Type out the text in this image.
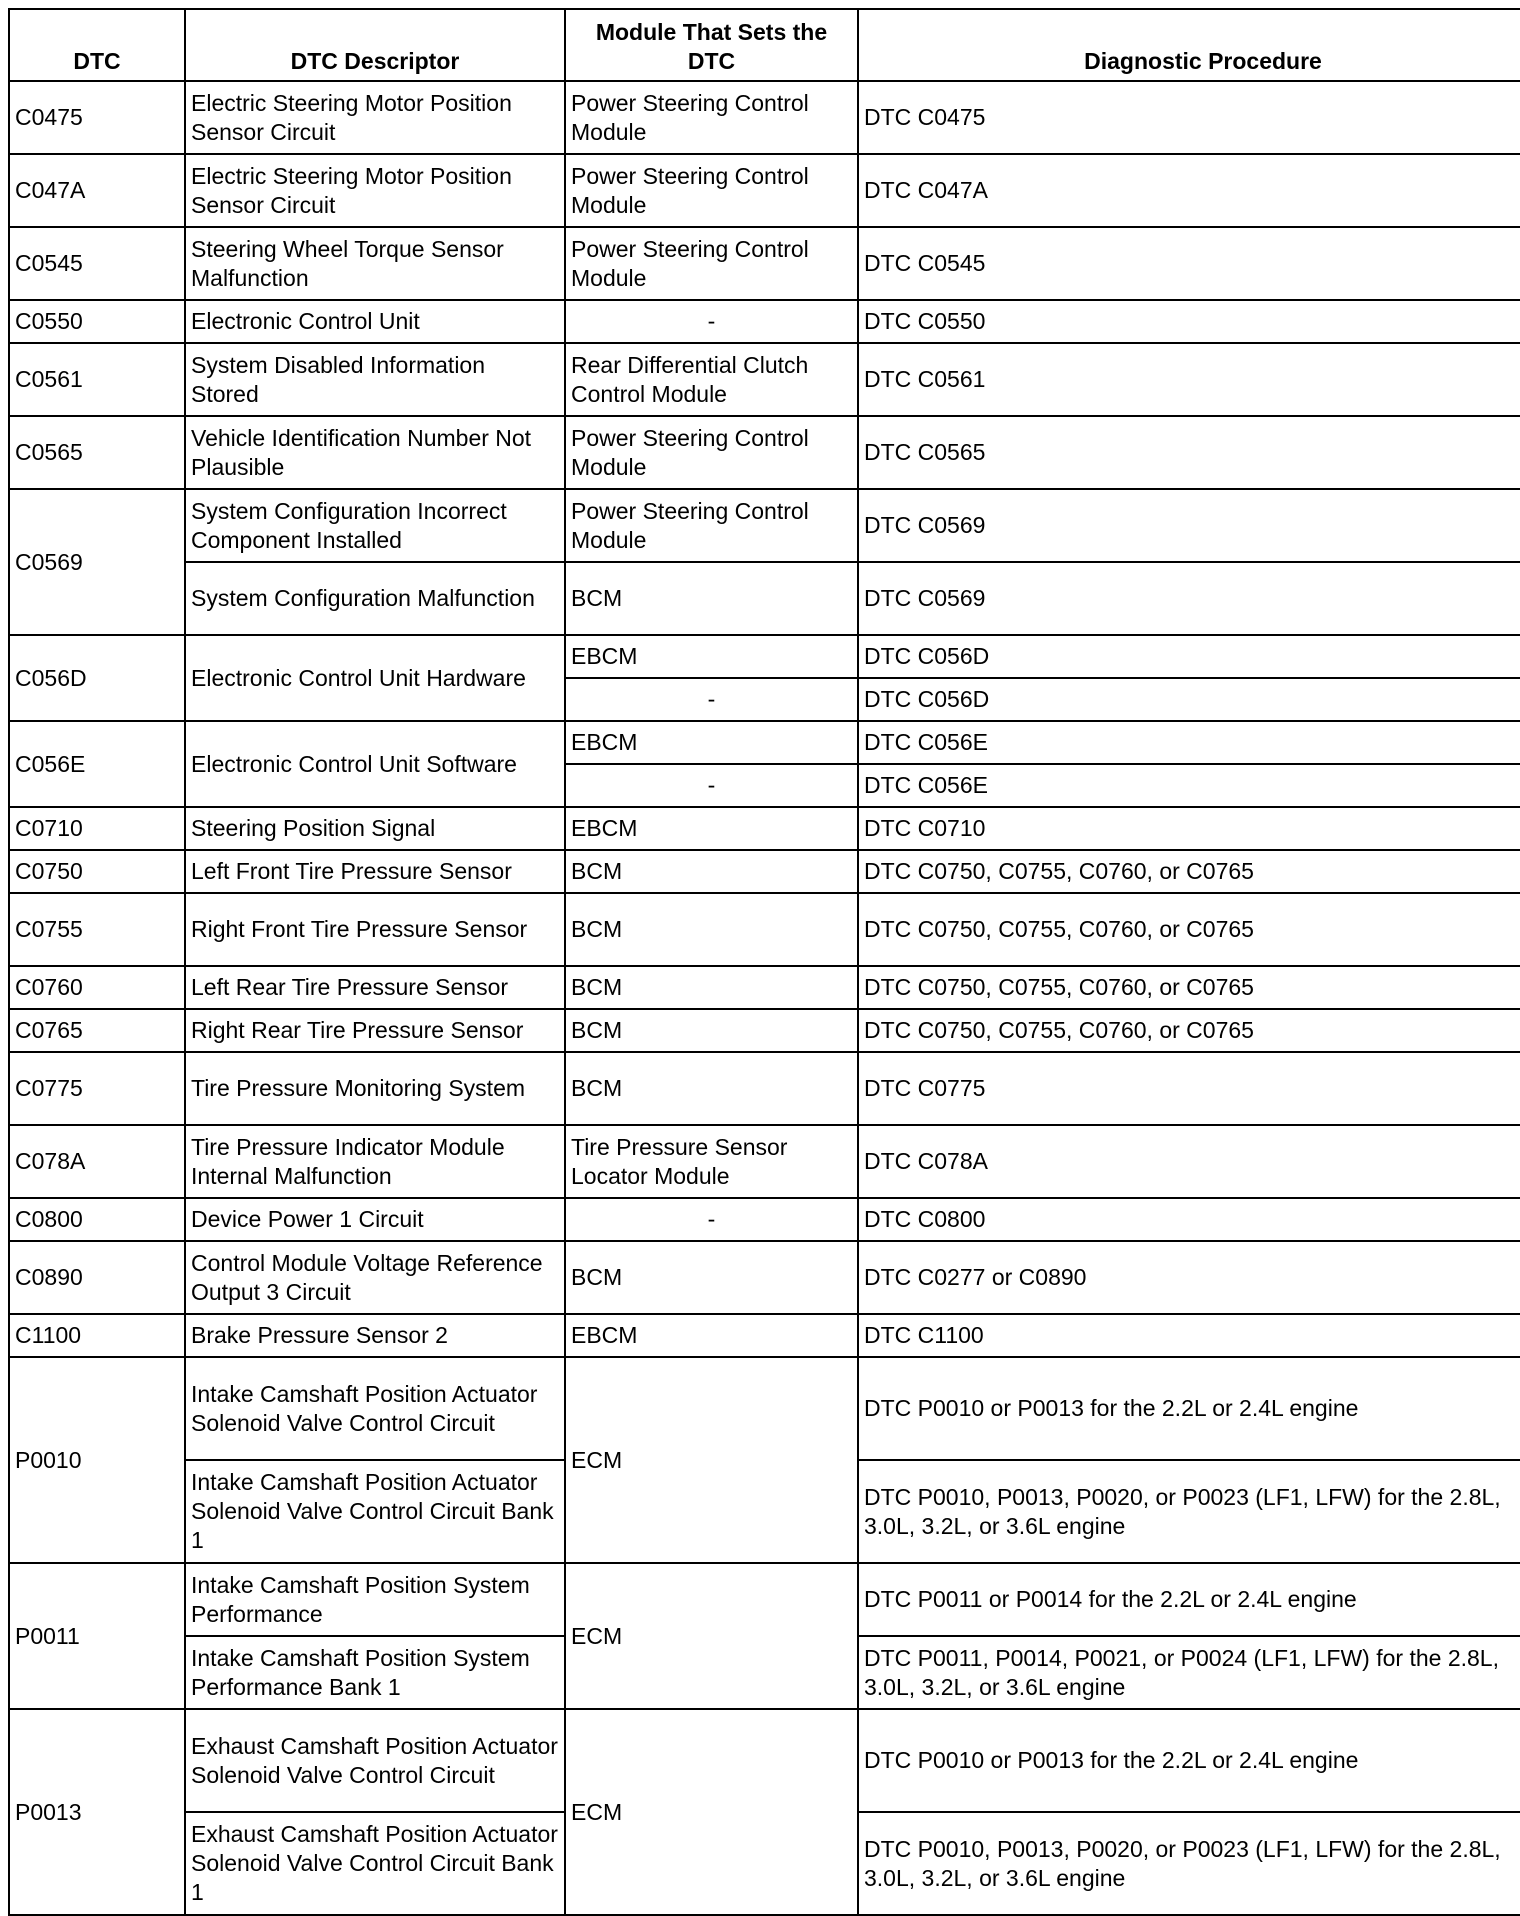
DTC	DTC Descriptor	Module That Sets the DTC	Diagnostic Procedure
C0475	Electric Steering Motor Position Sensor Circuit	Power Steering Control Module	DTC C0475
C047A	Electric Steering Motor Position Sensor Circuit	Power Steering Control Module	DTC C047A
C0545	Steering Wheel Torque Sensor Malfunction	Power Steering Control Module	DTC C0545
C0550	Electronic Control Unit	-	DTC C0550
C0561	System Disabled Information Stored	Rear Differential Clutch Control Module	DTC C0561
C0565	Vehicle Identification Number Not Plausible	Power Steering Control Module	DTC C0565
C0569	System Configuration Incorrect Component Installed	Power Steering Control Module	DTC C0569
	System Configuration Malfunction	BCM	DTC C0569
C056D	Electronic Control Unit Hardware	EBCM	DTC C056D
		-	DTC C056D
C056E	Electronic Control Unit Software	EBCM	DTC C056E
		-	DTC C056E
C0710	Steering Position Signal	EBCM	DTC C0710
C0750	Left Front Tire Pressure Sensor	BCM	DTC C0750, C0755, C0760, or C0765
C0755	Right Front Tire Pressure Sensor	BCM	DTC C0750, C0755, C0760, or C0765
C0760	Left Rear Tire Pressure Sensor	BCM	DTC C0750, C0755, C0760, or C0765
C0765	Right Rear Tire Pressure Sensor	BCM	DTC C0750, C0755, C0760, or C0765
C0775	Tire Pressure Monitoring System	BCM	DTC C0775
C078A	Tire Pressure Indicator Module Internal Malfunction	Tire Pressure Sensor Locator Module	DTC C078A
C0800	Device Power 1 Circuit	-	DTC C0800
C0890	Control Module Voltage Reference Output 3 Circuit	BCM	DTC C0277 or C0890
C1100	Brake Pressure Sensor 2	EBCM	DTC C1100
P0010	Intake Camshaft Position Actuator Solenoid Valve Control Circuit	ECM	DTC P0010 or P0013 for the 2.2L or 2.4L engine
	Intake Camshaft Position Actuator Solenoid Valve Control Circuit Bank 1		DTC P0010, P0013, P0020, or P0023 (LF1, LFW) for the 2.8L, 3.0L, 3.2L, or 3.6L engine
P0011	Intake Camshaft Position System Performance	ECM	DTC P0011 or P0014 for the 2.2L or 2.4L engine
	Intake Camshaft Position System Performance Bank 1		DTC P0011, P0014, P0021, or P0024 (LF1, LFW) for the 2.8L, 3.0L, 3.2L, or 3.6L engine
P0013	Exhaust Camshaft Position Actuator Solenoid Valve Control Circuit	ECM	DTC P0010 or P0013 for the 2.2L or 2.4L engine
	Exhaust Camshaft Position Actuator Solenoid Valve Control Circuit Bank 1		DTC P0010, P0013, P0020, or P0023 (LF1, LFW) for the 2.8L, 3.0L, 3.2L, or 3.6L engine
